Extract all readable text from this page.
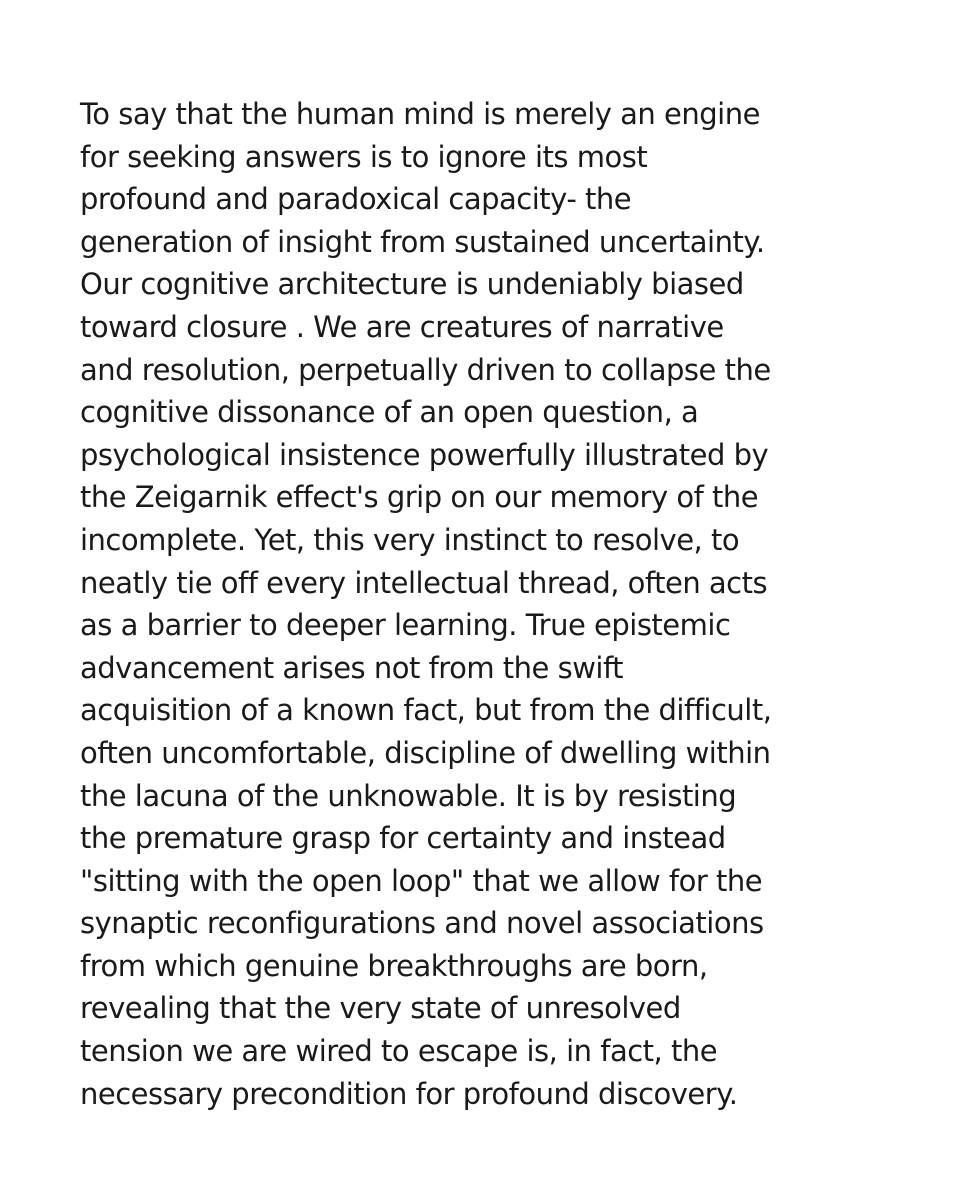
To say that the human mind is merely an engine
for seeking answers is to ignore its most
profound and paradoxical capacity- the
generation of insight from sustained uncertainty.
Our cognitive architecture is undeniably biased
toward closure . We are creatures of narrative
and resolution, perpetually driven to collapse the
cognitive dissonance of an open question, a
psychological insistence powerfully illustrated by
the Zeigarnik effect's grip on our memory of the
incomplete. Yet, this very instinct to resolve, to
neatly tie off every intellectual thread, often acts
as a barrier to deeper learning. True epistemic
advancement arises not from the swift
acquisition of a known fact, but from the difficult,
often uncomfortable, discipline of dwelling within
the lacuna of the unknowable. It is by resisting
the premature grasp for certainty and instead
"sitting with the open loop" that we allow for the
synaptic reconfigurations and novel associations
from which genuine breakthroughs are born,
revealing that the very state of unresolved
tension we are wired to escape is, in fact, the
necessary precondition for profound discovery.
